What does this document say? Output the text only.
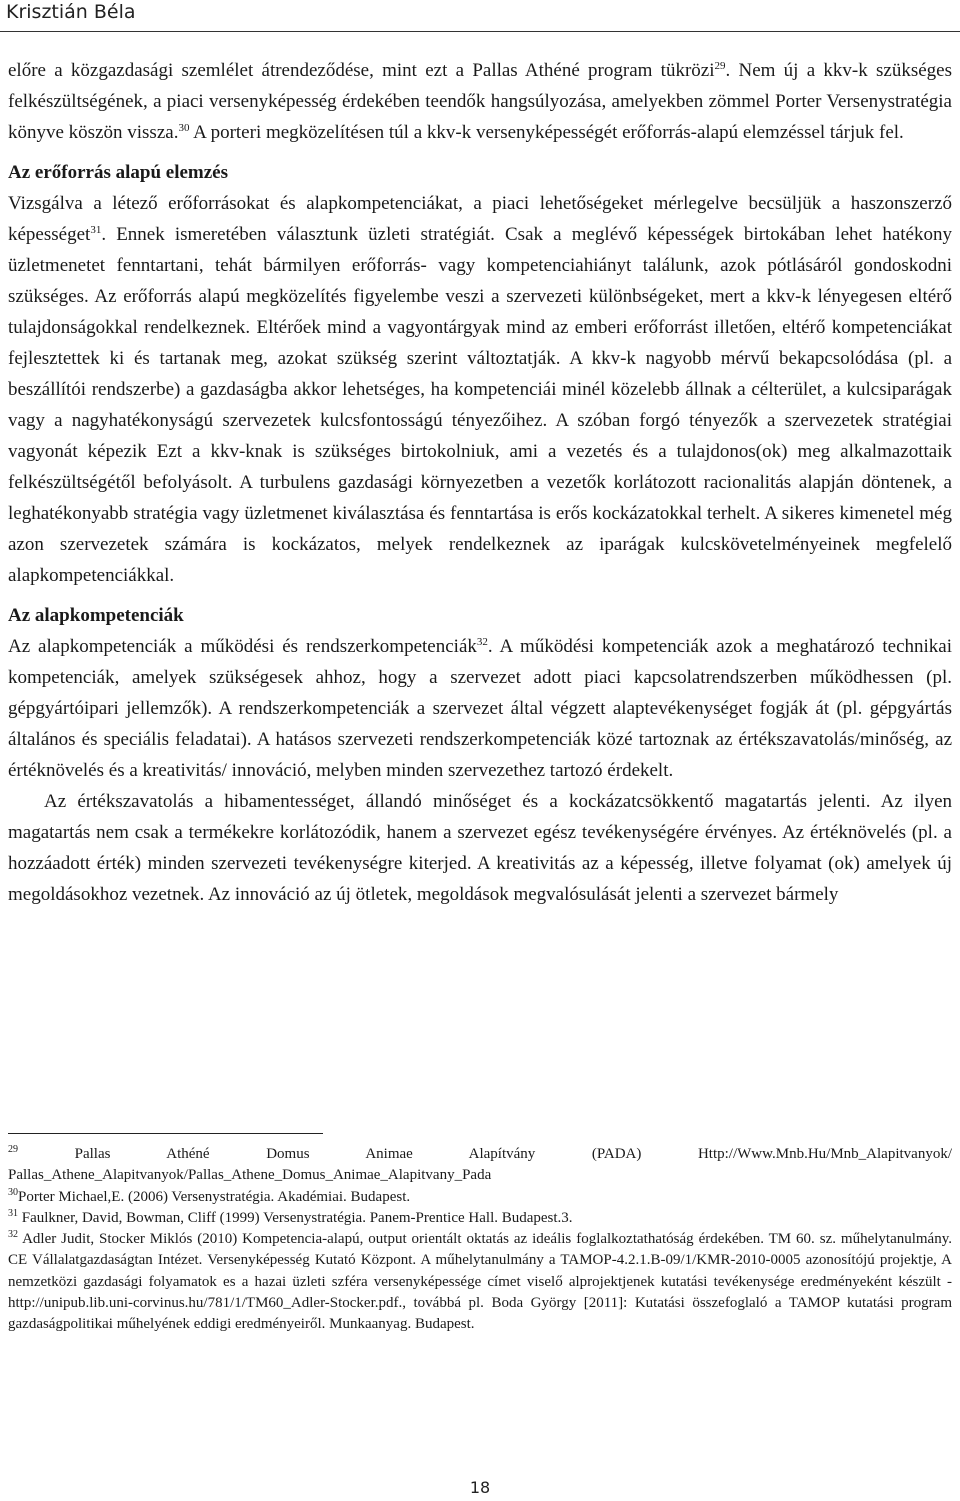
Krisztián Béla

előre a közgazdasági szemlélet átrendeződése, mint ezt a Pallas Athéné program tükrözi$^{29}$. Nem új a kkv-k szükséges felkészültségének, a piaci versenyképesség érdekében teendők hangsúlyozása, amelyekben zömmel Porter Versenystratégia könyve köszön vissza.$^{30}$ A porteri megközelítésen túl a kkv-k versenyképességét erőforrás-alapú elemzéssel tárjuk fel.

Az erőforrás alapú elemzés

Vizsgálva a létező erőforrásokat és alapkompetenciákat, a piaci lehetőségeket mérlegelve becsüljük a haszonszerző képességet$^{31}$. Ennek ismeretében választunk üzleti stratégiát. Csak a meglévő képességek birtokában lehet hatékony üzletmenetet fenntartani, tehát bármilyen erőforrás- vagy kompetenciahiányt találunk, azok pótlásáról gondoskodni szükséges. Az erőforrás alapú megközelítés figyelembe veszi a szervezeti különbségeket, mert a kkv-k lényegesen eltérő tulajdonságokkal rendelkeznek. Eltérőek mind a vagyontárgyak mind az emberi erőforrást illetően, eltérő kompetenciákat fejlesztettek ki és tartanak meg, azokat szükség szerint változtatják. A kkv-k nagyobb mérvű bekapcsolódása (pl. a beszállítói rendszerbe) a gazdaságba akkor lehetséges, ha kompetenciái minél közelebb állnak a célterület, a kulcsiparágak vagy a nagyhatékonyságú szervezetek kulcsfontosságú tényezőihez. A szóban forgó tényezők a szervezetek stratégiai vagyonát képezik Ezt a kkv-knak is szükséges birtokolniuk, ami a vezetés és a tulajdonos(ok) meg alkalmazottaik felkészültségétől befolyásolt. A turbulens gazdasági környezetben a vezetők korlátozott racionalitás alapján döntenek, a leghatékonyabb stratégia vagy üzletmenet kiválasztása és fenntartása is erős kockázatokkal terhelt. A sikeres kimenetel még azon szervezetek számára is kockázatos, melyek rendelkeznek az iparágak kulcskövetelményeinek megfelelő alapkompetenciákkal.

Az alapkompetenciák

Az alapkompetenciák a működési és rendszerkompetenciák$^{32}$. A működési kompetenciák azok a meghatározó technikai kompetenciák, amelyek szükségesek ahhoz, hogy a szervezet adott piaci kapcsolatrendszerben működhessen (pl. gépgyártóipari jellemzők). A rendszerkompetenciák a szervezet által végzett alaptevékenységet fogják át (pl. gépgyártás általános és speciális feladatai). A hatásos szervezeti rendszerkompetenciák közé tartoznak az értékszavatolás/minőség, az értéknövelés és a kreativitás/ innováció, melyben minden szervezethez tartozó érdekelt.

Az értékszavatolás a hibamentességet, állandó minőséget és a kockázatcsökkentő magatartás jelenti. Az ilyen magatartás nem csak a termékekre korlátozódik, hanem a szervezet egész tevékenységére érvényes. Az értéknövelés (pl. a hozzáadott érték) minden szervezeti tevékenységre kiterjed. A kreativitás az a képesség, illetve folyamat (ok) amelyek új megoldásokhoz vezetnek. Az innováció az új ötletek, megoldások megvalósulását jelenti a szervezet bármely

$^{29}$ Pallas Athéné Domus Animae Alapítvány (PADA) Http://Www.Mnb.Hu/Mnb_Alapitvanyok/ Pallas_Athene_Alapitvanyok/Pallas_Athene_Domus_Animae_Alapitvany_Pada

$^{30}$Porter Michael,E. (2006) Versenystratégia. Akadémiai. Budapest.

$^{31}$ Faulkner, David, Bowman, Cliff (1999) Versenystratégia. Panem-Prentice Hall. Budapest.3.

$^{32}$ Adler Judit, Stocker Miklós (2010) Kompetencia-alapú, output orientált oktatás az ideális foglalkoztathatóság érdekében. TM 60. sz. műhelytanulmány. CE Vállalatgazdaságtan Intézet. Versenyképesség Kutató Központ. A műhelytanulmány a TAMOP-4.2.1.B-09/1/KMR-2010-0005 azonosítójú projektje, A nemzetközi gazdasági folyamatok es a hazai üzleti szféra versenyképessége címet viselő alprojektjenek kutatási tevékenysége eredményeként készült - http://unipub.lib.uni-corvinus.hu/781/1/TM60_Adler-Stocker.pdf., továbbá pl. Boda György [2011]: Kutatási összefoglaló a TAMOP kutatási program gazdaságpolitikai műhelyének eddigi eredményeiről. Munkaanyag. Budapest.

18
